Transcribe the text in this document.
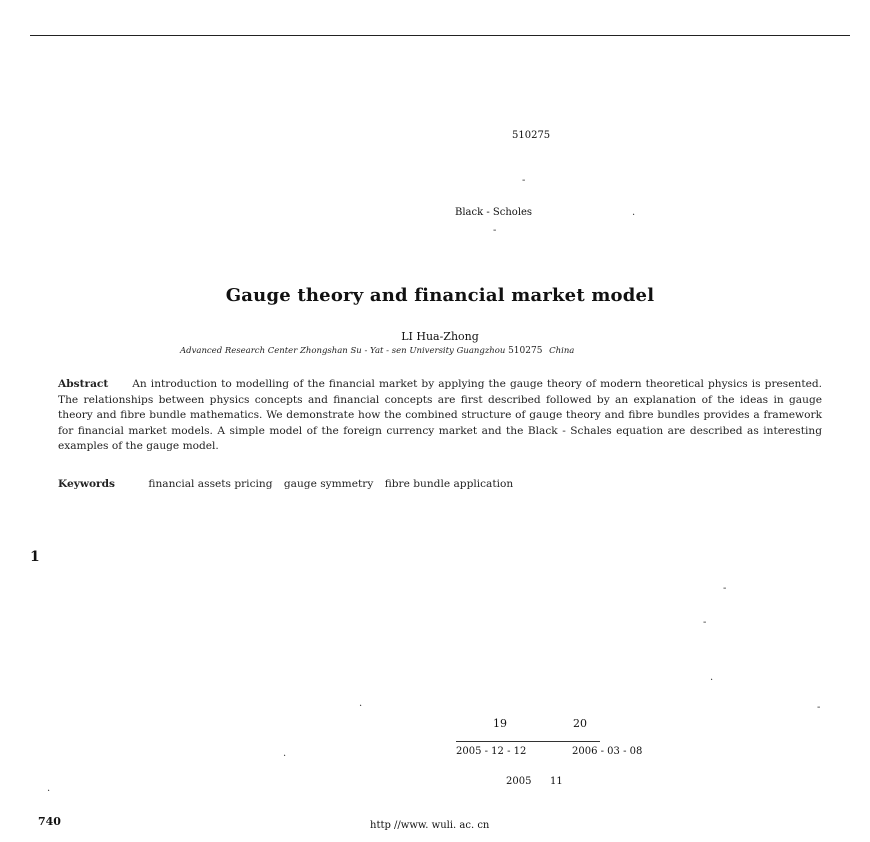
510275
-
Black - Scholes	.
-
Gauge theory and financial market model
LI Hua-Zhong
Advanced Research Center Zhongshan Su - Yat - sen University Guangzhou 510275 China
Abstract An introduction to modelling of the financial market by applying the gauge theory of modern theoretical physics is presented. The relationships between physics concepts and financial concepts are first described followed by an explanation of the ideas in gauge theory and fibre bundle mathematics. We demonstrate how the combined structure of gauge theory and fibre bundles provides a framework for financial market models. A simple model of the foreign currency market and the Black - Schales equation are described as interesting examples of the gauge model.
Keywords	financial assets pricing gauge symmetry fibre bundle application
1
-
-
.
.	-
.
.
19	20
2005 - 12 - 12	2006 - 03 - 08
2005 11
740	http //www. wuli. ac. cn
